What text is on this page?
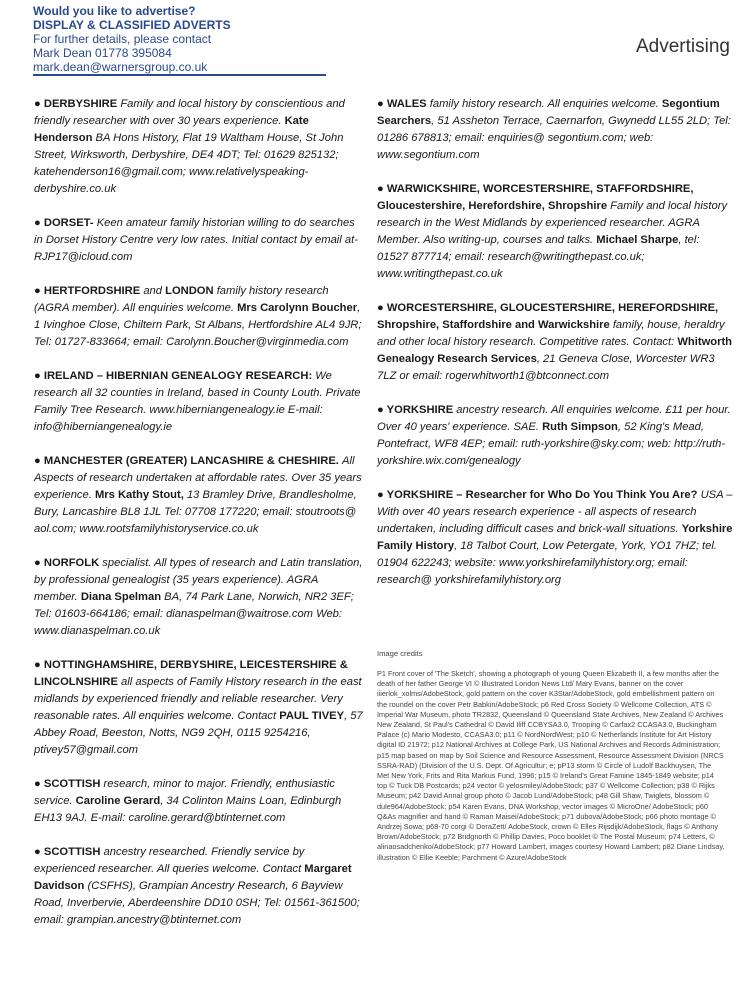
Would you like to advertise?
DISPLAY & CLASSIFIED ADVERTS
For further details, please contact
Mark Dean 01778 395084
mark.dean@warnersgroup.co.uk
Advertising

● DERBYSHIRE Family and local history by conscientious and friendly researcher with over 30 years experience. Kate Henderson BA Hons History, Flat 19 Waltham House, St John Street, Wirksworth, Derbyshire, DE4 4DT; Tel: 01629 825132; katehenderson16@gmail.com; www.relativelyspeaking-derbyshire.co.uk

● DORSET- Keen amateur family historian willing to do searches in Dorset History Centre very low rates. Initial contact by email at-RJP17@icloud.com

● HERTFORDSHIRE and LONDON family history research (AGRA member). All enquiries welcome. Mrs Carolynn Boucher, 1 Ivinghoe Close, Chiltern Park, St Albans, Hertfordshire AL4 9JR; Tel: 01727-833664; email: Carolynn.Boucher@virginmedia.com

● IRELAND – HIBERNIAN GENEALOGY RESEARCH: We research all 32 counties in Ireland, based in County Louth. Private Family Tree Research. www.hiberniangenealogy.ie E-mail: info@hiberniangenealogy.ie

● MANCHESTER (GREATER) LANCASHIRE & CHESHIRE. All Aspects of research undertaken at affordable rates. Over 35 years experience. Mrs Kathy Stout, 13 Bramley Drive, Brandlesholme, Bury, Lancashire BL8 1JL Tel: 07708 177220; email: stoutroots@ aol.com; www.rootsfamilyhistoryservice.co.uk

● NORFOLK specialist. All types of research and Latin translation, by professional genealogist (35 years experience). AGRA member. Diana Spelman BA, 74 Park Lane, Norwich, NR2 3EF; Tel: 01603-664186; email: dianaspelman@waitrose.com Web: www.dianaspelman.co.uk

● NOTTINGHAMSHIRE, DERBYSHIRE, LEICESTERSHIRE & LINCOLNSHIRE all aspects of Family History research in the east midlands by experienced friendly and reliable researcher. Very reasonable rates. All enquiries welcome. Contact PAUL TIVEY, 57 Abbey Road, Beeston, Notts, NG9 2QH, 0115 9254216, ptivey57@gmail.com

● SCOTTISH research, minor to major. Friendly, enthusiastic service. Caroline Gerard, 34 Colinton Mains Loan, Edinburgh EH13 9AJ. E-mail: caroline.gerard@btinternet.com

● SCOTTISH ancestry researched. Friendly service by experienced researcher. All queries welcome. Contact Margaret Davidson (CSFHS), Grampian Ancestry Research, 6 Bayview Road, Inverbervie, Aberdeenshire DD10 0SH; Tel: 01561-361500; email: grampian.ancestry@btinternet.com

● WALES family history research. All enquiries welcome. Segontium Searchers, 51 Assheton Terrace, Caernarfon, Gwynedd LL55 2LD; Tel: 01286 678813; email: enquiries@ segontium.com; web: www.segontium.com

● WARWICKSHIRE, WORCESTERSHIRE, STAFFORDSHIRE, Gloucestershire, Herefordshire, Shropshire Family and local history research in the West Midlands by experienced researcher. AGRA Member. Also writing-up, courses and talks. Michael Sharpe, tel: 01527 877714; email: research@writingthepast.co.uk; www.writingthepast.co.uk

● WORCESTERSHIRE, GLOUCESTERSHIRE, HEREFORDSHIRE, Shropshire, Staffordshire and Warwickshire family, house, heraldry and other local history research. Competitive rates. Contact: Whitworth Genealogy Research Services, 21 Geneva Close, Worcester WR3 7LZ or email: rogerwhitworth1@btconnect.com

● YORKSHIRE ancestry research. All enquiries welcome. £11 per hour. Over 40 years' experience. SAE. Ruth Simpson, 52 King's Mead, Pontefract, WF8 4EP; email: ruth-yorkshire@sky.com; web: http://ruth-yorkshire.wix.com/genealogy

● YORKSHIRE – Researcher for Who Do You Think You Are? USA – With over 40 years research experience - all aspects of research undertaken, including difficult cases and brick-wall situations. Yorkshire Family History, 18 Talbot Court, Low Petergate, York, YO1 7HZ; tel. 01904 622243; website: www.yorkshirefamilyhistory.org; email: research@ yorkshirefamilyhistory.org

Image credits
P1 Front cover of 'The Sketch', showing a photograph of young Queen Elizabeth II, a few months after the death of her father George VI © Illustrated London News Ltd/ Mary Evans, banner on the cover iiierlok_xolms/AdobeStock, gold pattern on the cover K3Star/AdobeStock, gold embellishment pattern on the roundel on the cover Petr Babkin/AdobeStock; p6 Red Cross Society © Wellcome Collection, ATS © Imperial War Museum, photo TR2832, Queensland © Queensland State Archives, New Zealand © Archives New Zealand, St Paul's Cathedral © David Iliff CCBYSA3.0, Trooping © Carfax2 CCASA3.0, Buckingham Palace (c) Mario Modesto, CCASA3.0; p11 © NordNordWest; p10 © Netherlands Institute for Art History digital ID 21972; p12 National Archives at College Park, US National Archives and Records Administration; p15 map based on map by Soil Science and Resource Assessment, Resource Assessment Division (NRCS SSRA-RAD) (Division of the U.S. Dept. Of Agricultur; e; pP13 storm © Circle of Ludolf Backhuysen, The Met New York, Frits and Rita Markus Fund, 1996; p15 © Ireland's Great Famine 1845-1849 website; p14 top © Tuck DB Postcards; p24 vector © yelosmiley/AdobeStock; p37 © Wellcome Collection; p38 © Rijks Museum; p42 David Annal group photo © Jacob Lund/AdobeStock; p48 Gill Shaw, Twiglets, blossom © dule964/AdobeStock; p54 Karen Evans, DNA Workshop, vector images © MicroOne/ AdobeStock; p60 Q&As magnifier and hand © Raman Maisei/AdobeStock; p71 dubova/AdobeStock; p66 photo montage © Andrzej Sowa; p68-70 corgi © DoraZett/ AdobeStock, crown © Elles Rijsdijk/AdobeStock, flags © Anthony Brown/AdobeStock; p72 Bridgnorth © Phillip Davies, Poco booklet © The Postal Museum; p74 Letters, © alinaosadchenko/AdobeStock; p77 Howard Lambert, images courtesy Howard Lambert; p82 Diane Lindsay, illustration © Ellie Keeble; Parchment © Azure/AdobeStock
